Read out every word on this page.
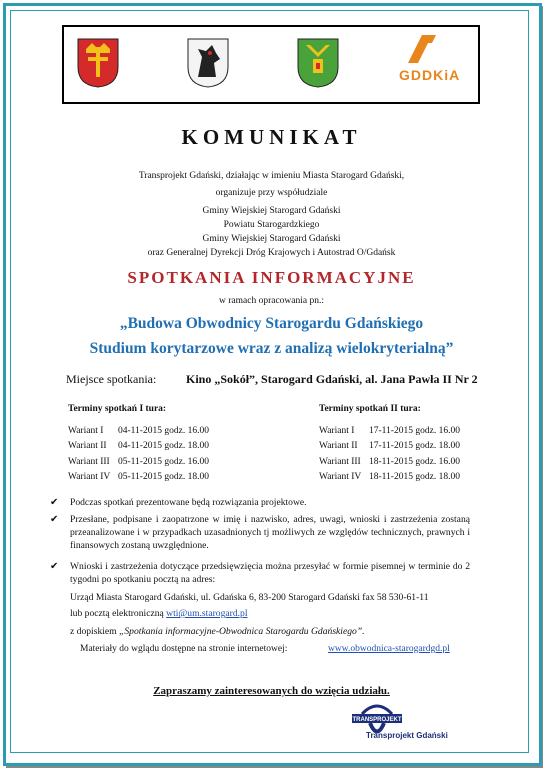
GDDKiA
KOMUNIKAT
Transprojekt Gdański, działając w imieniu Miasta Starogard Gdański,
organizuje przy współudziale
Gminy Wiejskiej Starogard Gdański
Powiatu Starogardzkiego
Gminy Wiejskiej Starogard Gdański
oraz Generalnej Dyrekcji Dróg Krajowych i Autostrad O/Gdańsk
SPOTKANIA INFORMACYJNE
w ramach opracowania pn.:
„Budowa Obwodnicy Starogardu Gdańskiego
Studium korytarzowe wraz z analizą wielokryterialną”
Miejsce spotkania: Kino „Sokół”, Starogard Gdański, al. Jana Pawła II Nr 2
Terminy spotkań I tura:
Wariant I 04-11-2015 godz. 16.00
Wariant II 04-11-2015 godz. 18.00
Wariant III 05-11-2015 godz. 16.00
Wariant IV 05-11-2015 godz. 18.00
Terminy spotkań II tura:
Wariant I 17-11-2015 godz. 16.00
Wariant II 17-11-2015 godz. 18.00
Wariant III 18-11-2015 godz. 16.00
Wariant IV 18-11-2015 godz. 18.00
✔ Podczas spotkań prezentowane będą rozwiązania projektowe.
✔ Przesłane, podpisane i zaopatrzone w imię i nazwisko, adres, uwagi, wnioski i zastrzeżenia zostaną przeanalizowane i w przypadkach uzasadnionych tj możliwych ze względów technicznych, prawnych i finansowych zostaną uwzględnione.
✔ Wnioski i zastrzeżenia dotyczące przedsięwzięcia można przesyłać w formie pisemnej w terminie do 2 tygodni po spotkaniu pocztą na adres:
Urząd Miasta Starogard Gdański, ul. Gdańska 6, 83-200 Starogard Gdański fax 58 530-61-11
lub pocztą elektroniczną wti@um.starogard.pl
z dopiskiem „Spotkania informacyjne-Obwodnica Starogardu Gdańskiego”.
Materiały do wglądu dostępne na stronie internetowej:	www.obwodnica-starogardgd.pl
Zapraszamy zainteresowanych do wzięcia udziału.
TRANSPROJEKT
Transprojekt Gdański
